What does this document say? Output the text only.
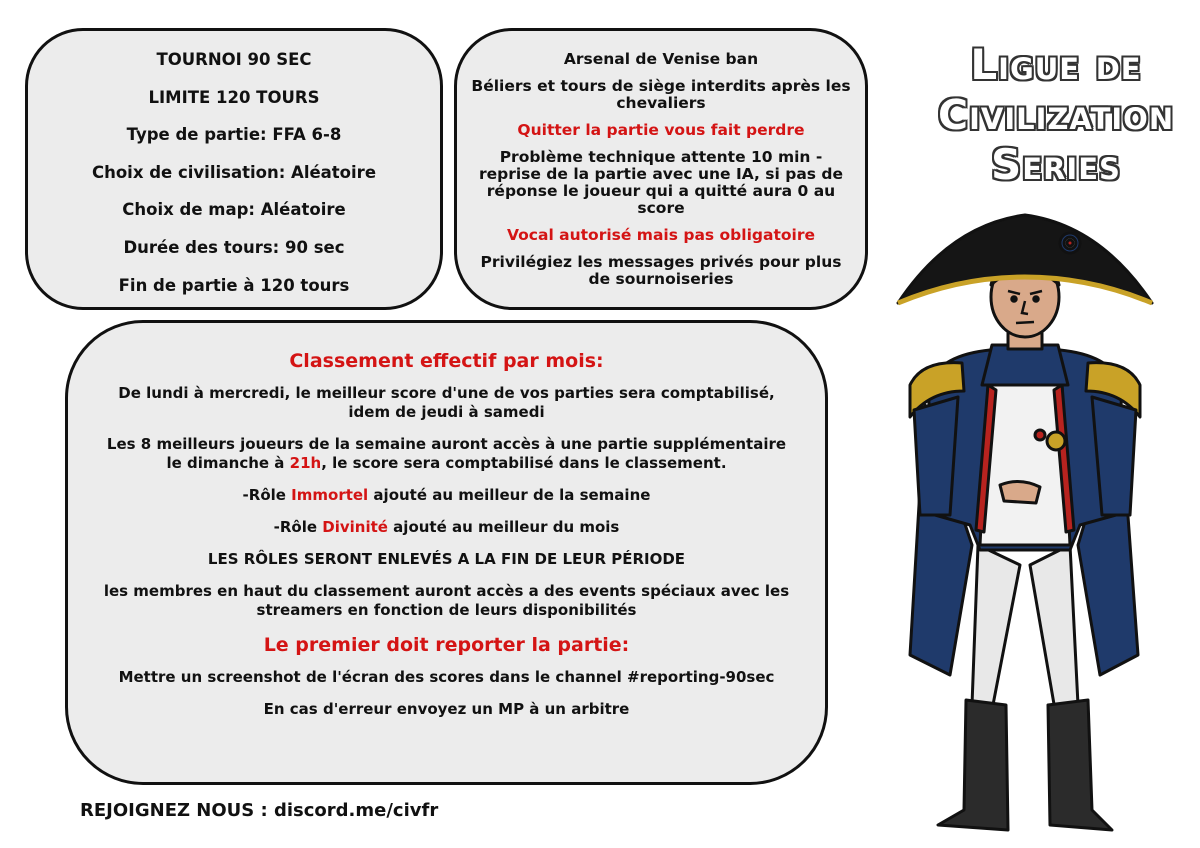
TOURNOI 90 SEC

LIMITE 120 TOURS

Type de partie: FFA 6-8

Choix de civilisation: Aléatoire

Choix de map: Aléatoire

Durée des tours: 90 sec

Fin de partie à 120 tours

Arsenal de Venise ban

Béliers et tours de siège interdits après les chevaliers

Quitter la partie vous fait perdre

Problème technique attente 10 min - reprise de la partie avec une IA, si pas de réponse le joueur qui a quitté aura 0 au score

Vocal autorisé mais pas obligatoire

Privilégiez les messages privés pour plus de sournoiseries

Classement effectif par mois:

De lundi à mercredi, le meilleur score d'une de vos parties sera comptabilisé, idem de jeudi à samedi

Les 8 meilleurs joueurs de la semaine auront accès à une partie supplémentaire le dimanche à 21h, le score sera comptabilisé dans le classement.

-Rôle Immortel ajouté au meilleur de la semaine

-Rôle Divinité ajouté au meilleur du mois

LES RÔLES SERONT ENLEVÉS A LA FIN DE LEUR PÉRIODE

les membres en haut du classement auront accès a des events spéciaux avec les streamers en fonction de leurs disponibilités

Le premier doit reporter la partie:

Mettre un screenshot de l'écran des scores dans le channel #reporting-90sec

En cas d'erreur envoyez un MP à un arbitre

REJOIGNEZ NOUS : discord.me/civfr
Ligue de
Civilization
Series
